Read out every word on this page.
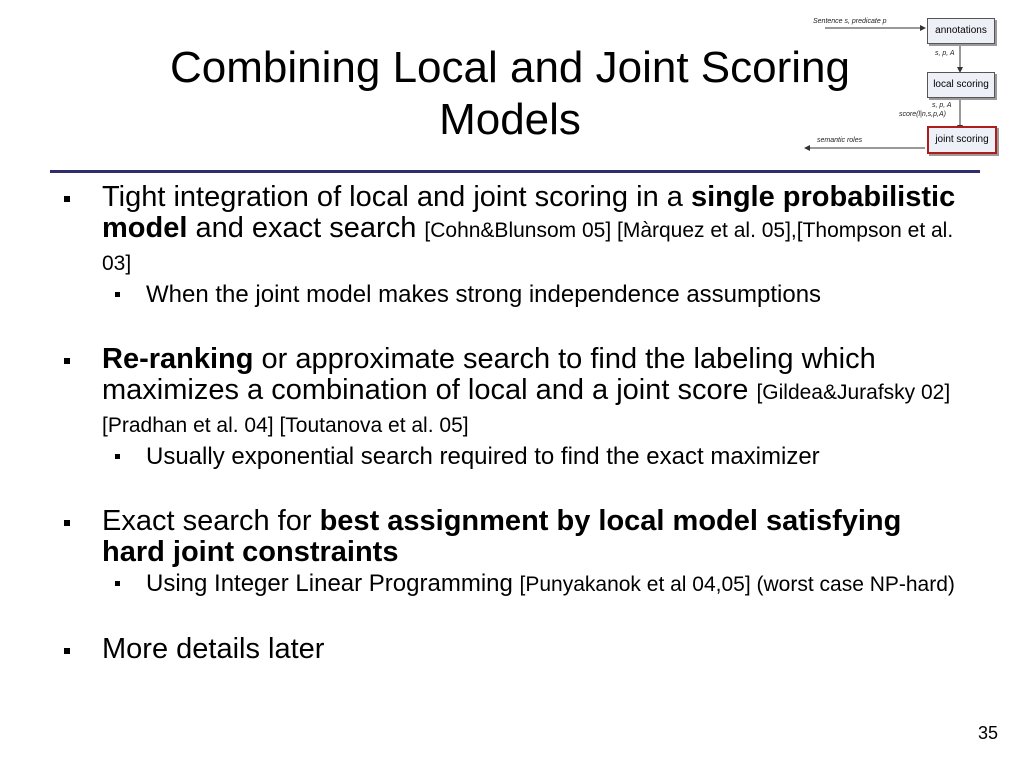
Combining Local and Joint Scoring Models
Sentence s, predicate p
annotations
s, p, A
local scoring
s, p, A
score(l|n,s,p,A)
joint scoring
semantic roles
Tight integration of local and joint scoring in a single probabilistic model and exact search [Cohn&Blunsom 05] [Màrquez et al. 05],[Thompson et al. 03]
When the joint model makes strong independence assumptions
Re-ranking or approximate search to find the labeling which maximizes a combination of local and a joint score [Gildea&Jurafsky 02] [Pradhan et al. 04] [Toutanova et al. 05]
Usually exponential search required to find the exact maximizer
Exact search for best assignment by local model satisfying hard joint constraints
Using Integer Linear Programming [Punyakanok et al 04,05] (worst case NP-hard)
More details later
35
